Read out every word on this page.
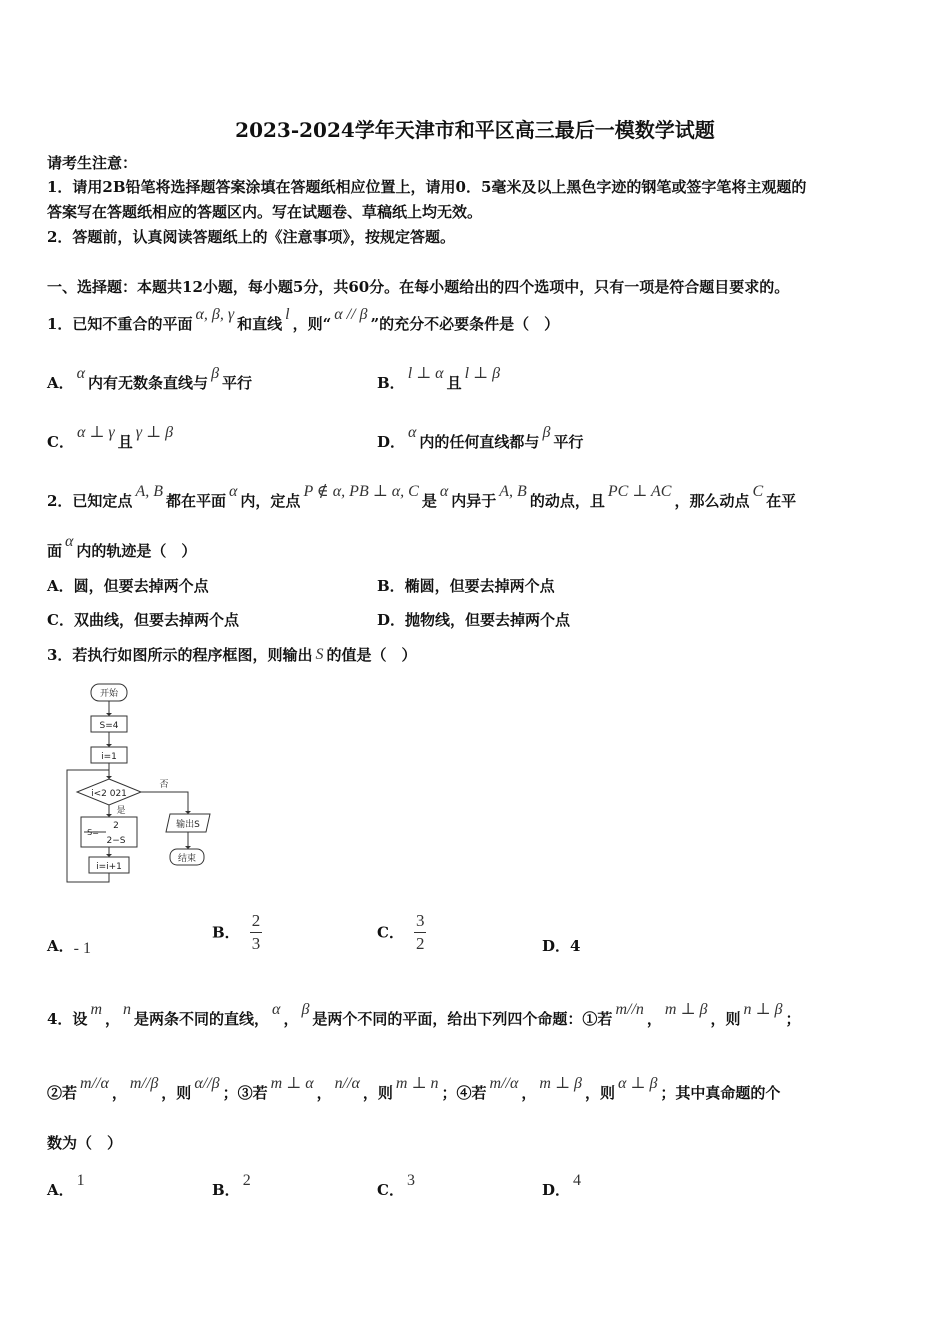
2023-2024学年天津市和平区高三最后一模数学试题
请考生注意：
1．请用2B铅笔将选择题答案涂填在答题纸相应位置上，请用0．5毫米及以上黑色字迹的钢笔或签字笔将主观题的
答案写在答题纸相应的答题区内。写在试题卷、草稿纸上均无效。
2．答题前，认真阅读答题纸上的《注意事项》，按规定答题。
一、选择题：本题共12小题，每小题5分，共60分。在每小题给出的四个选项中，只有一项是符合题目要求的。
1．已知不重合的平面α, β, γ和直线l，则“α // β”的充分不必要条件是（　）
A．α内有无数条直线与β平行	B．l ⊥ α且l ⊥ β
C．α ⊥ γ且γ ⊥ β
D．α内的任何直线都与β平行
2．已知定点A, B都在平面α内，定点P ∉ α, PB ⊥ α, C是α内异于A, B的动点，且PC ⊥ AC，那么动点C在平
面α内的轨迹是（　）
A．圆，但要去掉两个点	B．椭圆，但要去掉两个点
C．双曲线，但要去掉两个点	D．抛物线，但要去掉两个点
3．若执行如图所示的程序框图，则输出 S 的值是（　）
开始
S=4
i=1
i<2 021
否
是
S=
2
2−S
输出S
结束
i=i+1
A．- 1
B． $\frac{2}{3}$	C． $\frac{3}{2}$	D．4
4．设m，n是两条不同的直线，α，β是两个不同的平面，给出下列四个命题：①若m//n，m ⊥ β，则n ⊥ β；
②若m//α，m//β，则α//β；③若m ⊥ α，n//α，则m ⊥ n；④若m//α，m ⊥ β，则α ⊥ β；其中真命题的个
数为（　）
A．1
B．2
C．3
D．4
